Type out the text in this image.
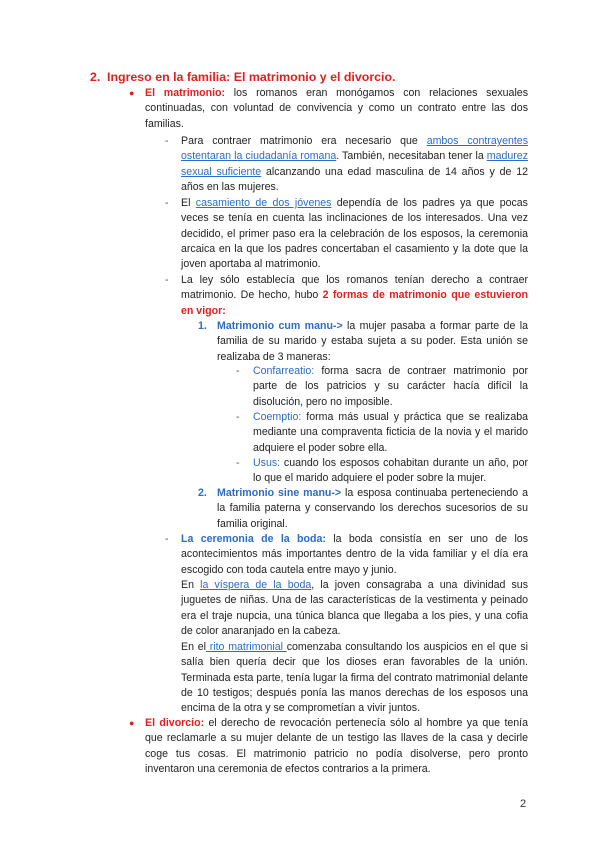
2. Ingreso en la familia: El matrimonio y el divorcio.
● El matrimonio: los romanos eran monógamos con relaciones sexuales continuadas, con voluntad de convivencia y como un contrato entre las dos familias.
- Para contraer matrimonio era necesario que ambos contrayentes ostentaran la ciudadanía romana. También, necesitaban tener la madurez sexual suficiente alcanzando una edad masculina de 14 años y de 12 años en las mujeres.
- El casamiento de dos jóvenes dependía de los padres ya que pocas veces se tenía en cuenta las inclinaciones de los interesados. Una vez decidido, el primer paso era la celebración de los esposos, la ceremonia arcaica en la que los padres concertaban el casamiento y la dote que la joven aportaba al matrimonio.
- La ley sólo establecía que los romanos tenían derecho a contraer matrimonio. De hecho, hubo 2 formas de matrimonio que estuvieron en vigor:
1. Matrimonio cum manu-> la mujer pasaba a formar parte de la familia de su marido y estaba sujeta a su poder. Esta unión se realizaba de 3 maneras:
- Confarreatio: forma sacra de contraer matrimonio por parte de los patricios y su carácter hacía difícil la disolución, pero no imposible.
- Coemptio: forma más usual y práctica que se realizaba mediante una compraventa ficticia de la novia y el marido adquiere el poder sobre ella.
- Usus: cuando los esposos cohabitan durante un año, por lo que el marido adquiere el poder sobre la mujer.
2. Matrimonio sine manu-> la esposa continuaba perteneciendo a la familia paterna y conservando los derechos sucesorios de su familia original.
- La ceremonia de la boda: la boda consistía en ser uno de los acontecimientos más importantes dentro de la vida familiar y el día era escogido con toda cautela entre mayo y junio.
En la víspera de la boda, la joven consagraba a una divinidad sus juguetes de niñas. Una de las características de la vestimenta y peinado era el traje nupcia, una túnica blanca que llegaba a los pies, y una cofia de color anaranjado en la cabeza.
En el rito matrimonial comenzaba consultando los auspicios en el que si salía bien quería decir que los dioses eran favorables de la unión. Terminada esta parte, tenía lugar la firma del contrato matrimonial delante de 10 testigos; después ponía las manos derechas de los esposos una encima de la otra y se comprometían a vivir juntos.
● El divorcio: el derecho de revocación pertenecía sólo al hombre ya que tenía que reclamarle a su mujer delante de un testigo las llaves de la casa y decirle coge tus cosas. El matrimonio patricio no podía disolverse, pero pronto inventaron una ceremonia de efectos contrarios a la primera.
2
